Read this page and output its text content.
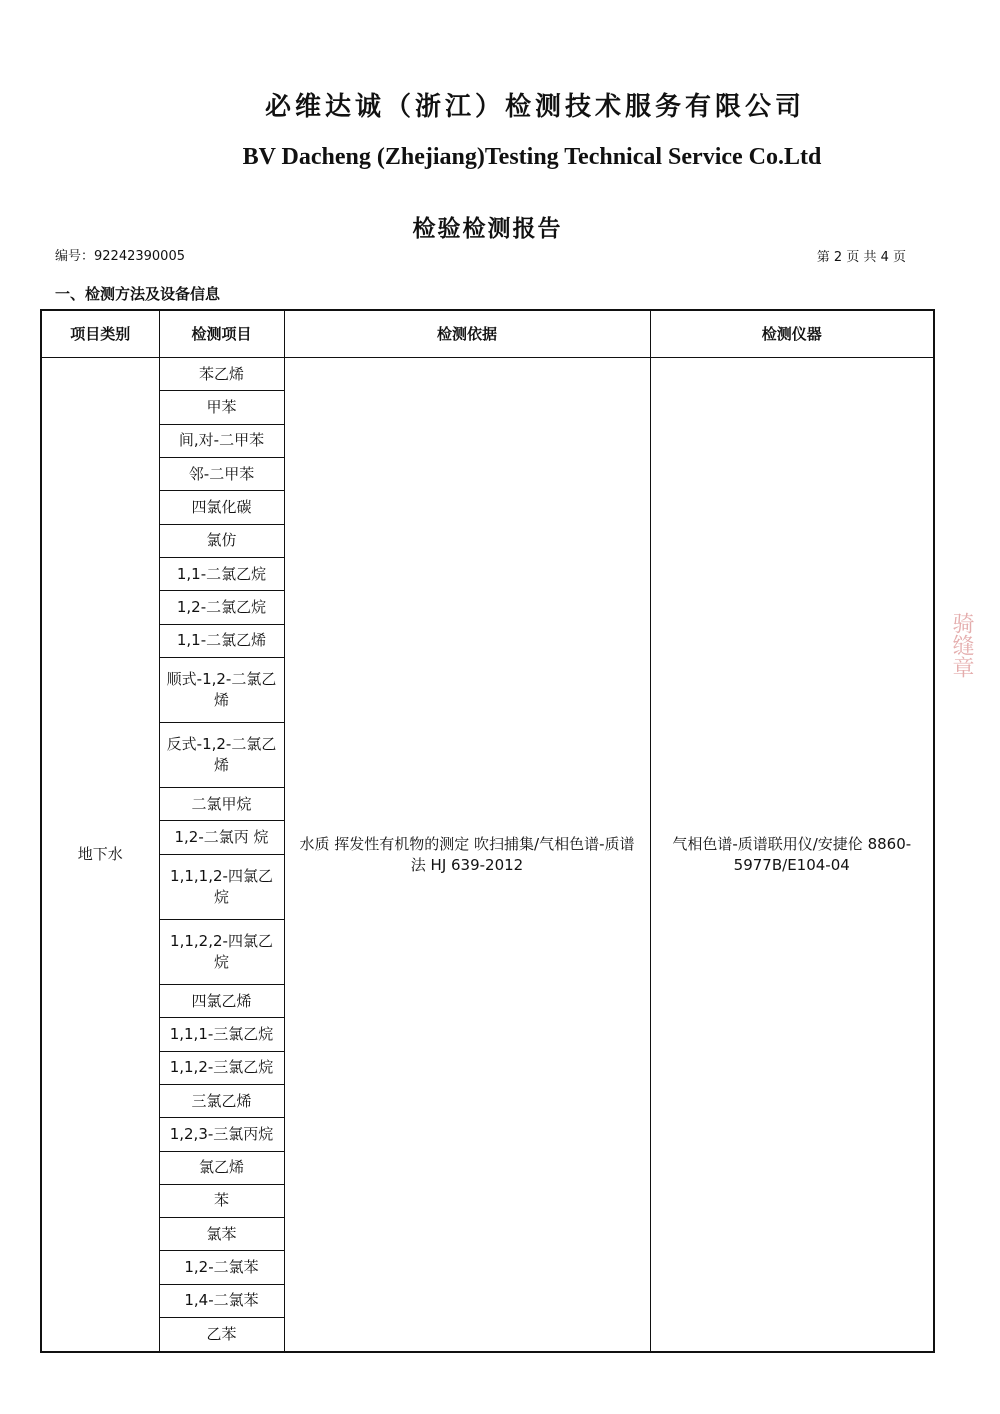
必维达诚（浙江）检测技术服务有限公司
BV Dacheng (Zhejiang)Testing Technical Service Co.Ltd
检验检测报告
编号：92242390005	第 2 页 共 4 页
一、检测方法及设备信息
项目类别	检测项目	检测依据	检测仪器
地下水	苯乙烯	水质 挥发性有机物的测定 吹扫捕集/气相色谱-质谱法 HJ 639-2012	气相色谱-质谱联用仪/安捷伦 8860-5977B/E104-04
	甲苯		
	间,对-二甲苯		
	邻-二甲苯		
	四氯化碳		
	氯仿		
	1,1-二氯乙烷		
	1,2-二氯乙烷		
	1,1-二氯乙烯		
	顺式-1,2-二氯乙烯		
	反式-1,2-二氯乙烯		
	二氯甲烷		
	1,2-二氯丙 烷		
	1,1,1,2-四氯乙烷		
	1,1,2,2-四氯乙烷		
	四氯乙烯		
	1,1,1-三氯乙烷		
	1,1,2-三氯乙烷		
	三氯乙烯		
	1,2,3-三氯丙烷		
	氯乙烯		
	苯		
	氯苯		
	1,2-二氯苯		
	1,4-二氯苯		
	乙苯		
骑缝章
